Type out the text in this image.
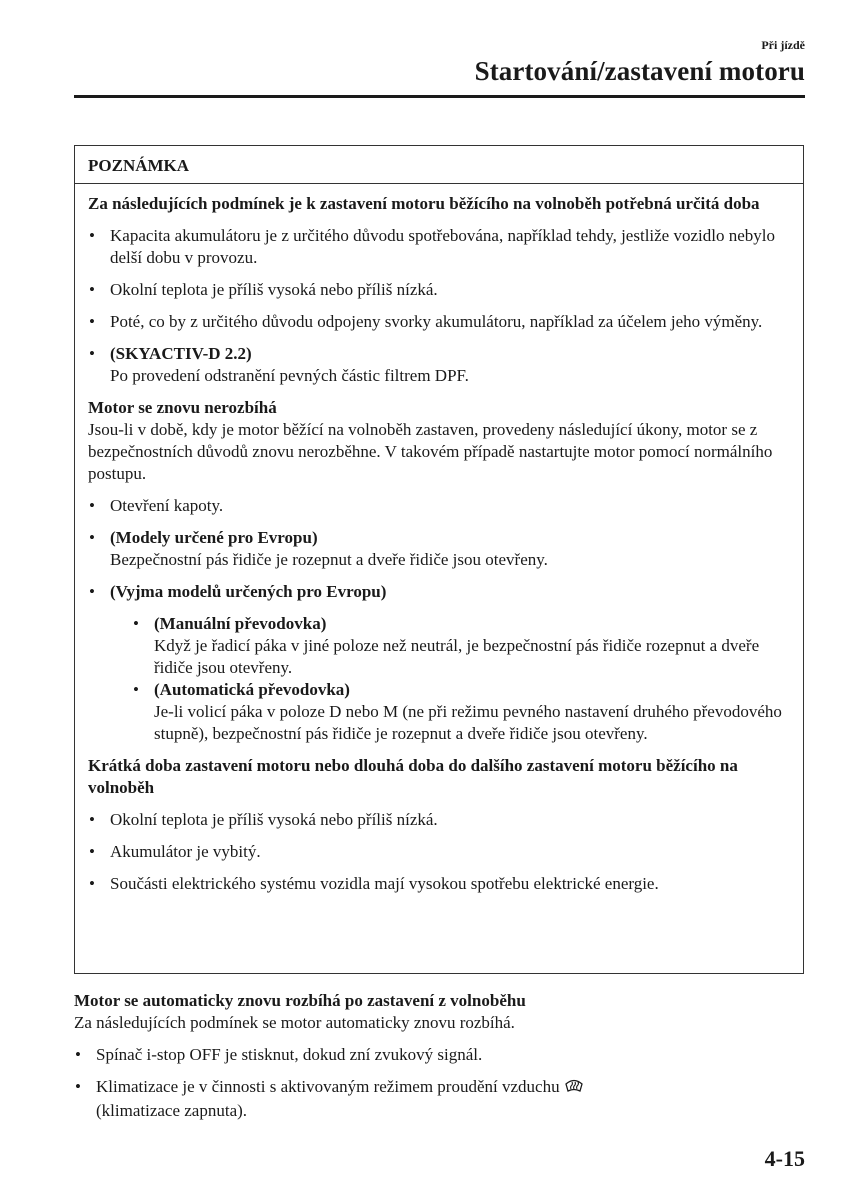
Při jízdě
Startování/zastavení motoru
POZNÁMKA
Za následujících podmínek je k zastavení motoru běžícího na volnoběh potřebná určitá doba
• Kapacita akumulátoru je z určitého důvodu spotřebována, například tehdy, jestliže vozidlo nebylo delší dobu v provozu.
• Okolní teplota je příliš vysoká nebo příliš nízká.
• Poté, co by z určitého důvodu odpojeny svorky akumulátoru, například za účelem jeho výměny.
• (SKYACTIV-D 2.2)
Po provedení odstranění pevných částic filtrem DPF.
Motor se znovu nerozbíhá
Jsou-li v době, kdy je motor běžící na volnoběh zastaven, provedeny následující úkony, motor se z bezpečnostních důvodů znovu nerozběhne. V takovém případě nastartujte motor pomocí normálního postupu.
• Otevření kapoty.
• (Modely určené pro Evropu)
Bezpečnostní pás řidiče je rozepnut a dveře řidiče jsou otevřeny.
• (Vyjma modelů určených pro Evropu)
• (Manuální převodovka)
Když je řadicí páka v jiné poloze než neutrál, je bezpečnostní pás řidiče rozepnut a dveře řidiče jsou otevřeny.
• (Automatická převodovka)
Je-li volicí páka v poloze D nebo M (ne při režimu pevného nastavení druhého převodového stupně), bezpečnostní pás řidiče je rozepnut a dveře řidiče jsou otevřeny.
Krátká doba zastavení motoru nebo dlouhá doba do dalšího zastavení motoru běžícího na volnoběh
• Okolní teplota je příliš vysoká nebo příliš nízká.
• Akumulátor je vybitý.
• Součásti elektrického systému vozidla mají vysokou spotřebu elektrické energie.
Motor se automaticky znovu rozbíhá po zastavení z volnoběhu
Za následujících podmínek se motor automaticky znovu rozbíhá.
• Spínač i-stop OFF je stisknut, dokud zní zvukový signál.
• Klimatizace je v činnosti s aktivovaným režimem proudění vzduchu
(klimatizace zapnuta).
4-15
